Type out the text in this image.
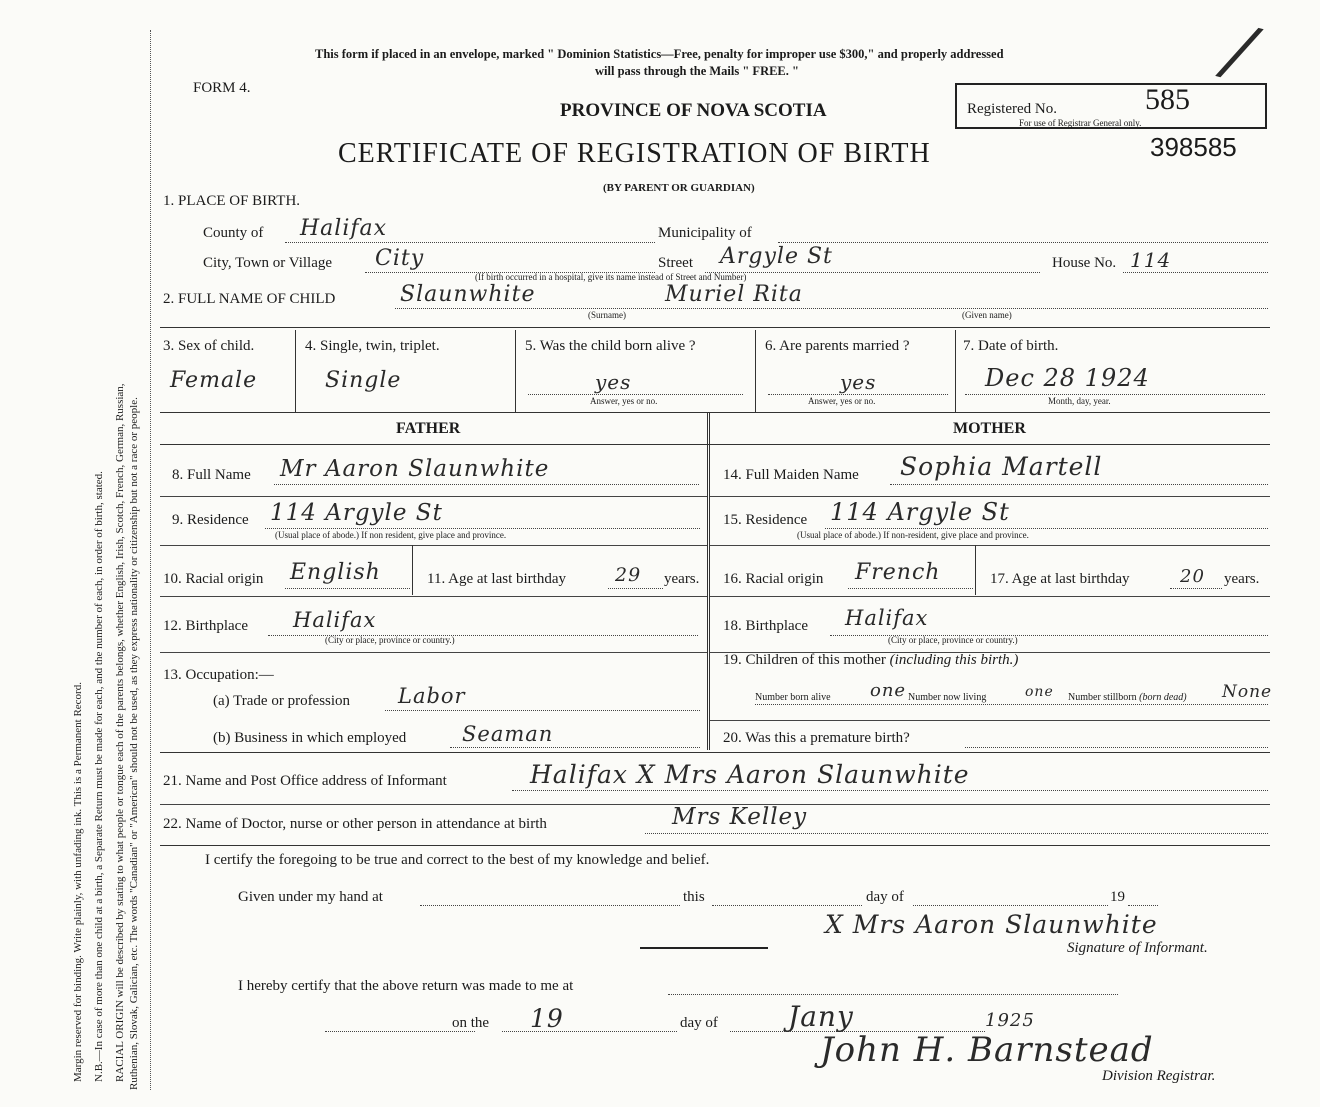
Margin reserved for binding. Write plainly, with unfading ink. This is a Permanent Record. N.B.—In case of more than one child at a birth, a Separate Return must be made for each, and the number of each, in order of birth, stated. RACIAL ORIGIN will be described by stating to what people or tongue each of the parents belongs, whether English, Irish, Scotch, French, German, Russian, Ruthenian, Slovak, Galician, etc. The words "Canadian" or "American" should not be used, as they express nationality or citizenship but not a race or people.
This form if placed in an envelope, marked " Dominion Statistics—Free, penalty for improper use $300," and properly addressed
will pass through the Mails " FREE. "
FORM 4.
PROVINCE OF NOVA SCOTIA
CERTIFICATE OF REGISTRATION OF BIRTH
(BY PARENT OR GUARDIAN)
Registered No.	585
For use of Registrar General only.
/
398585
1. PLACE OF BIRTH.
County of Halifax	Municipality of
City, Town or Village City	Street Argyle St
(If birth occurred in a hospital, give its name instead of Street and Number)
House No. 114
2. FULL NAME OF CHILD	Slaunwhite	Muriel Rita
(Surname)	(Given name)
3. Sex of child.
Female
4. Single, twin, triplet.
Single
5. Was the child born alive ?
yes
Answer, yes or no.
6. Are parents married ?
yes
Answer, yes or no.
7. Date of birth.
Dec 28 1924
Month, day, year.
FATHER	MOTHER
8. Full Name Mr Aaron Slaunwhite
9. Residence 114 Argyle St
(Usual place of abode.) If non resident, give place and province.
10. Racial origin English	11. Age at last birthday	29 years.
12. Birthplace Halifax
(City or place, province or country.)
13. Occupation:—
(a) Trade or profession Labor
(b) Business in which employed	Seaman
14. Full Maiden Name Sophia Martell
15. Residence 114 Argyle St
(Usual place of abode.) If non-resident, give place and province.
16. Racial origin French	17. Age at last birthday	20 years.
18. Birthplace Halifax
(City or place, province or country.)
19. Children of this mother (including this birth.)
Number born alive one Number now living	one Number stillborn (born dead) None
20. Was this a premature birth?
21. Name and Post Office address of Informant	Halifax X Mrs Aaron Slaunwhite
22. Name of Doctor, nurse or other person in attendance at birth	Mrs Kelley
I certify the foregoing to be true and correct to the best of my knowledge and belief.
Given under my hand at	this	day of	19
X Mrs Aaron Slaunwhite
Signature of Informant.
I hereby certify that the above return was made to me at
on the 19	day of	Jany	1925
John H. Barnstead
Division Registrar.
